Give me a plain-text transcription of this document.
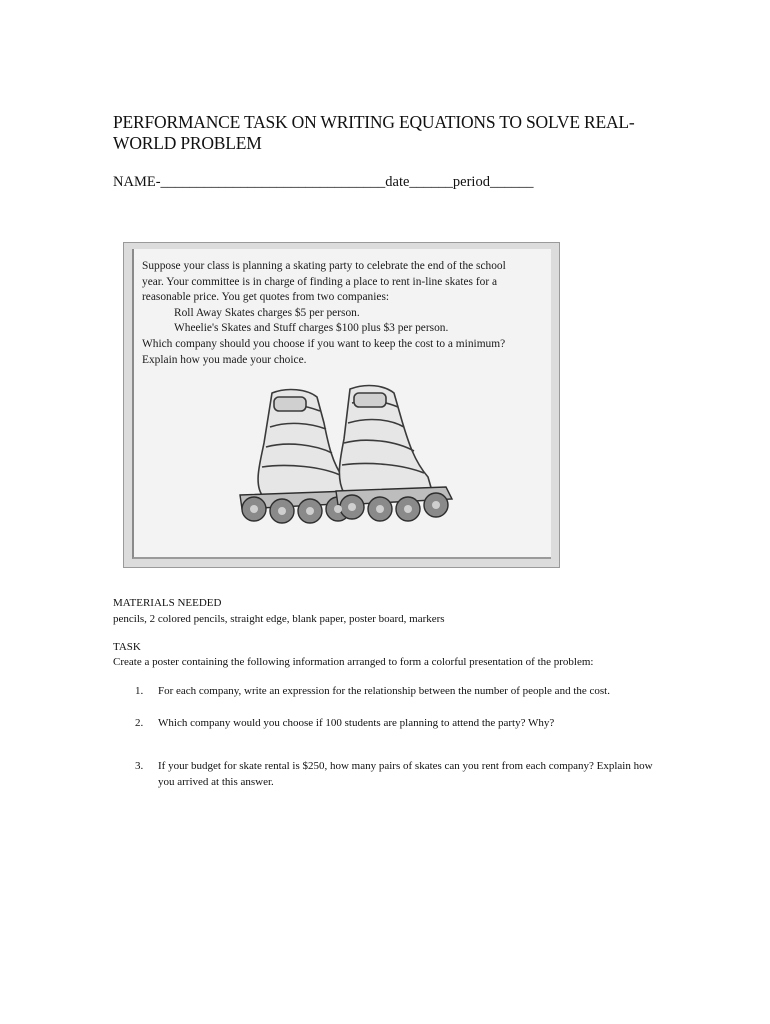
PERFORMANCE TASK ON WRITING EQUATIONS TO SOLVE REAL-WORLD PROBLEM
NAME-_______________________________date______period______
Suppose your class is planning a skating party to celebrate the end of the school
year. Your committee is in charge of finding a place to rent in-line skates for a
reasonable price. You get quotes from two companies:
Roll Away Skates charges $5 per person.
Wheelie's Skates and Stuff charges $100 plus $3 per person.
Which company should you choose if you want to keep the cost to a minimum?
Explain how you made your choice.
MATERIALS NEEDED
pencils, 2 colored pencils, straight edge, blank paper, poster board, markers
TASK
Create a poster containing the following information arranged to form a colorful presentation of the problem:
1. For each company, write an expression for the relationship between the number of people and the cost.
2. Which company would you choose if 100 students are planning to attend the party? Why?
3. If your budget for skate rental is $250, how many pairs of skates can you rent from each company? Explain how you arrived at this answer.
